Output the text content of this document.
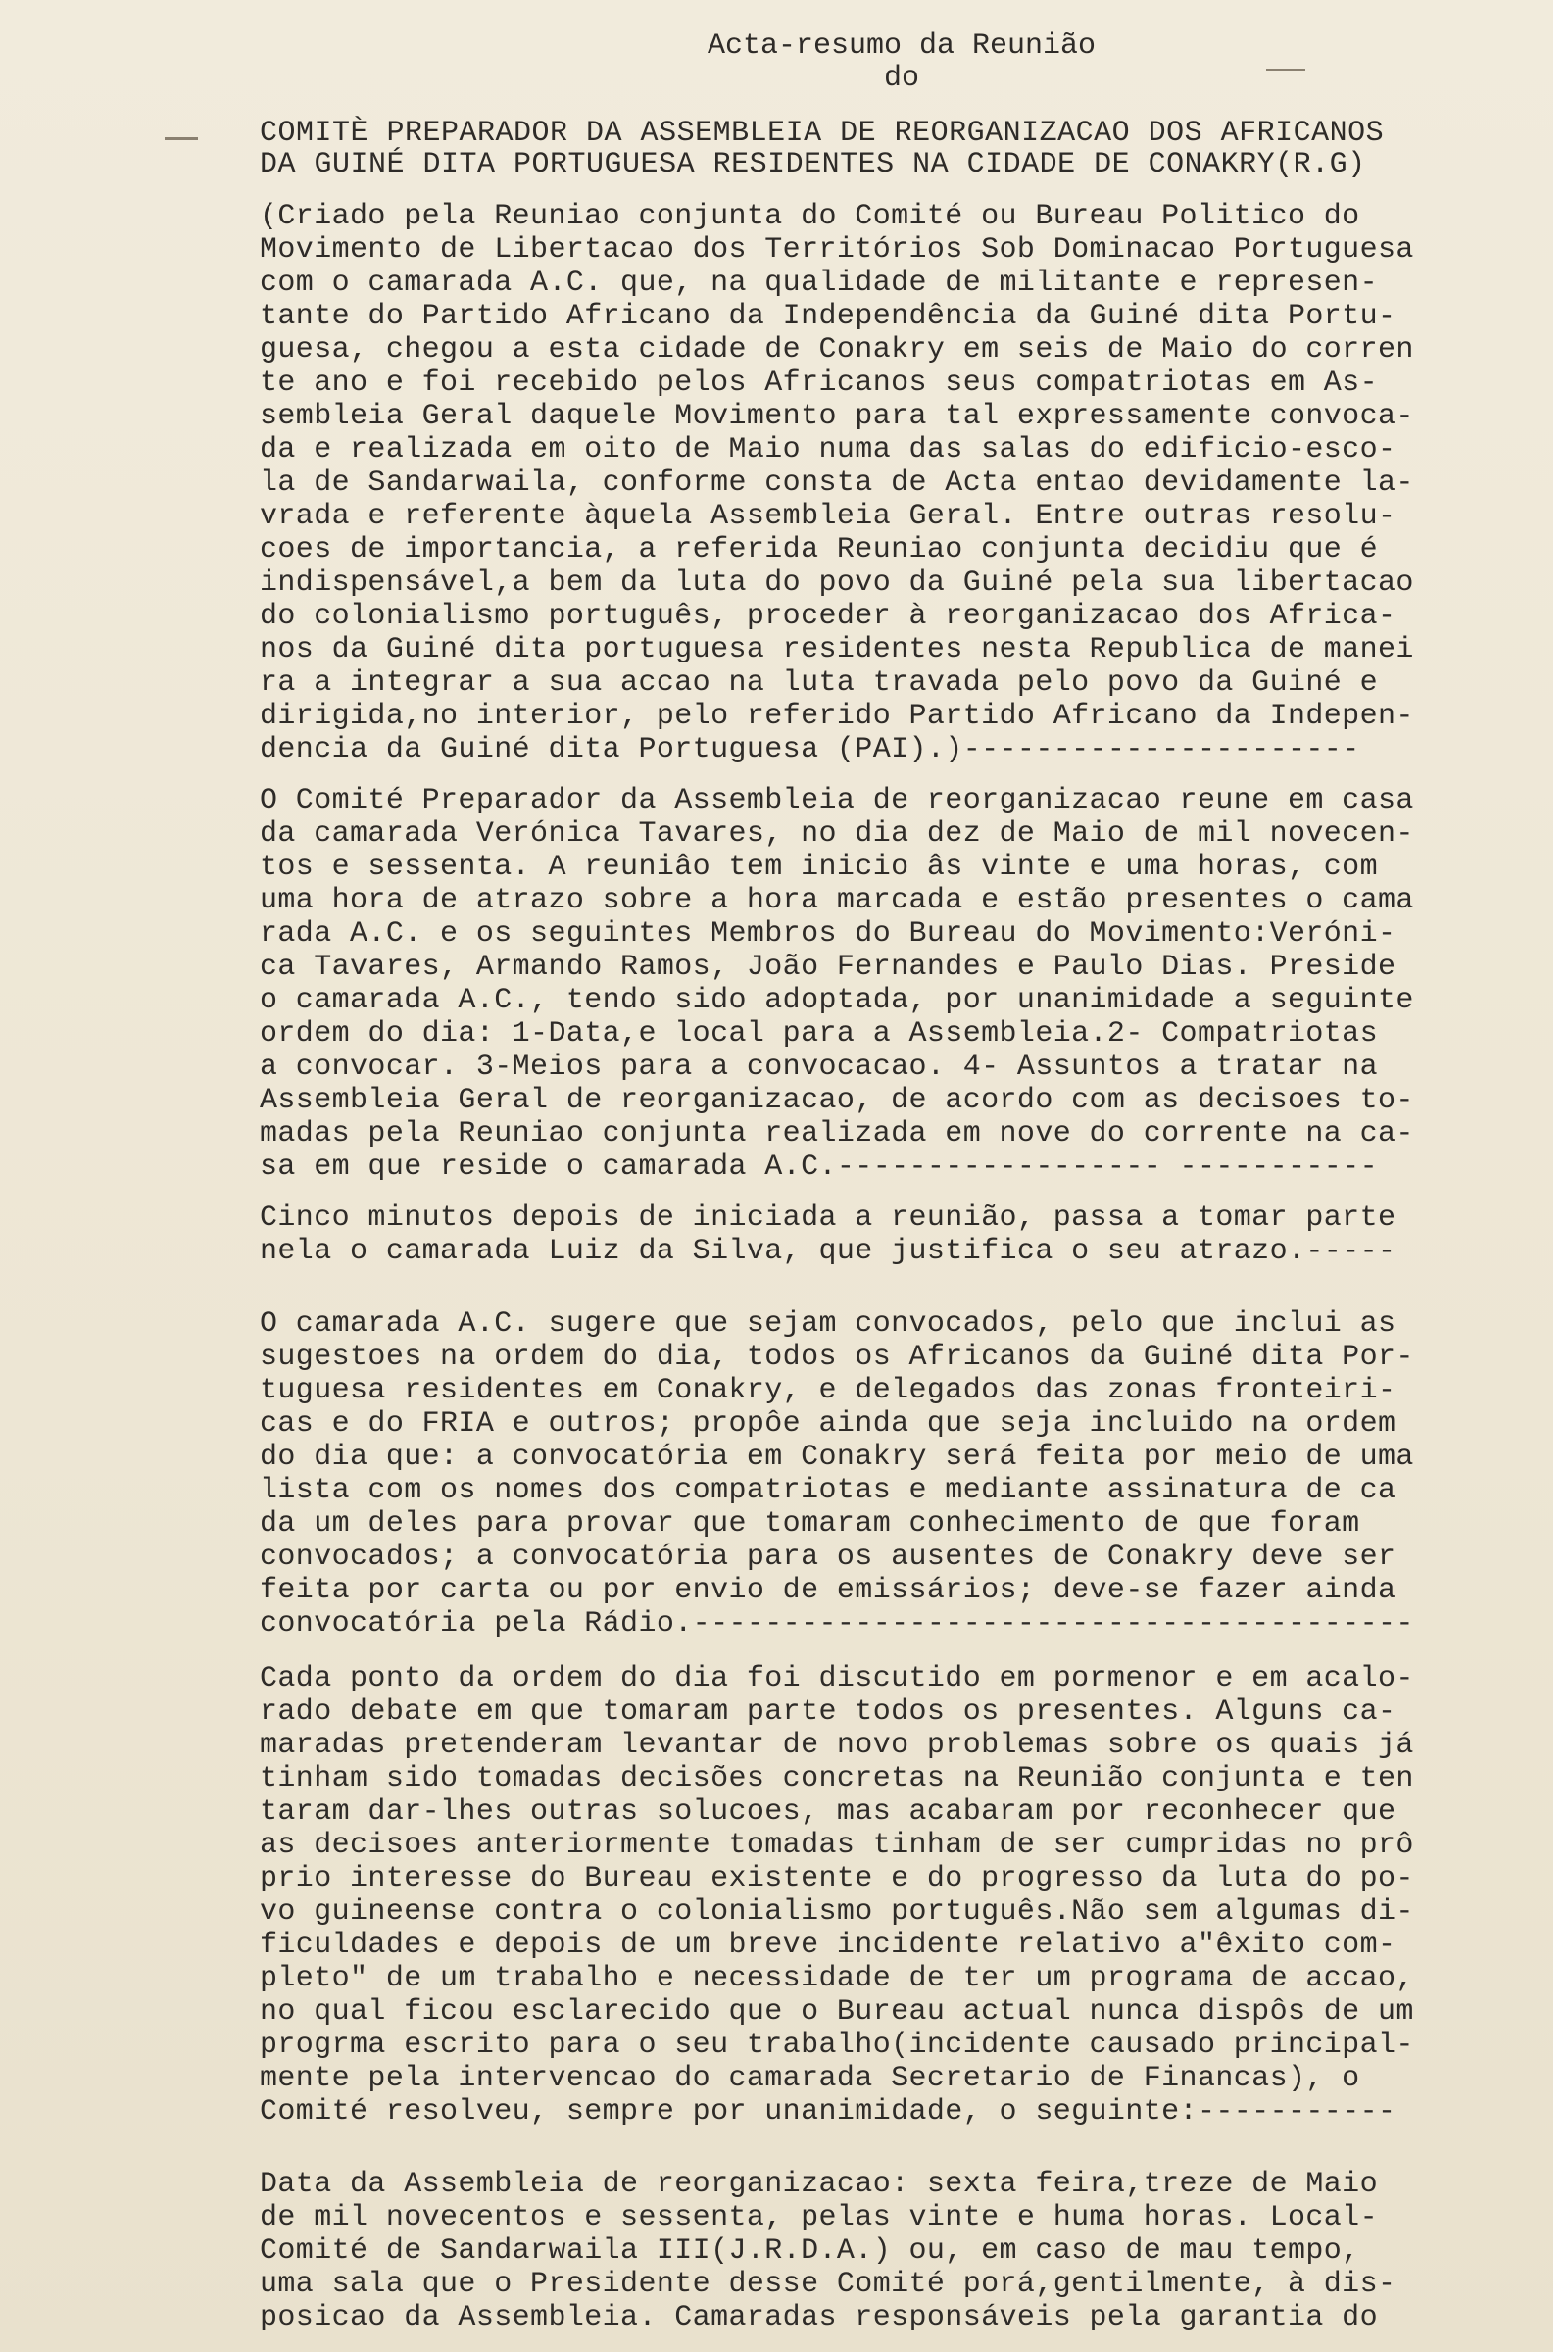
Acta-resumo da Reunião
do
COMITÈ PREPARADOR DA ASSEMBLEIA DE REORGANIZACAO DOS AFRICANOS
DA GUINÉ DITA PORTUGUESA RESIDENTES NA CIDADE DE CONAKRY(R.G)
(Criado pela Reuniao conjunta do Comité ou Bureau Politico do
Movimento de Libertacao dos Territórios Sob Dominacao Portuguesa
com o camarada A.C. que, na qualidade de militante e represen-
tante do Partido Africano da Independência da Guiné dita Portu-
guesa, chegou a esta cidade de Conakry em seis de Maio do corren
te ano e foi recebido pelos Africanos seus compatriotas em As-
sembleia Geral daquele Movimento para tal expressamente convoca-
da e realizada em oito de Maio numa das salas do edificio-esco-
la de Sandarwaila, conforme consta de Acta entao devidamente la-
vrada e referente àquela Assembleia Geral. Entre outras resolu-
coes de importancia, a referida Reuniao conjunta decidiu que é
indispensável,a bem da luta do povo da Guiné pela sua libertacao
do colonialismo português, proceder à reorganizacao dos Africa-
nos da Guiné dita portuguesa residentes nesta Republica de manei
ra a integrar a sua accao na luta travada pelo povo da Guiné e
dirigida,no interior, pelo referido Partido Africano da Indepen-
dencia da Guiné dita Portuguesa (PAI).)----------------------
O Comité Preparador da Assembleia de reorganizacao reune em casa
da camarada Verónica Tavares, no dia dez de Maio de mil novecen-
tos e sessenta. A reuniâo tem inicio âs vinte e uma horas, com
uma hora de atrazo sobre a hora marcada e estão presentes o cama
rada A.C. e os seguintes Membros do Bureau do Movimento:Veróni-
ca Tavares, Armando Ramos, João Fernandes e Paulo Dias. Preside
o camarada A.C., tendo sido adoptada, por unanimidade a seguinte
ordem do dia: 1-Data,e local para a Assembleia.2- Compatriotas
a convocar. 3-Meios para a convocacao. 4- Assuntos a tratar na
Assembleia Geral de reorganizacao, de acordo com as decisoes to-
madas pela Reuniao conjunta realizada em nove do corrente na ca-
sa em que reside o camarada A.C.------------------ -----------
Cinco minutos depois de iniciada a reunião, passa a tomar parte
nela o camarada Luiz da Silva, que justifica o seu atrazo.-----
O camarada A.C. sugere que sejam convocados, pelo que inclui as
sugestoes na ordem do dia, todos os Africanos da Guiné dita Por-
tuguesa residentes em Conakry, e delegados das zonas fronteiri-
cas e do FRIA e outros; propôe ainda que seja incluido na ordem
do dia que: a convocatória em Conakry será feita por meio de uma
lista com os nomes dos compatriotas e mediante assinatura de ca
da um deles para provar que tomaram conhecimento de que foram
convocados; a convocatória para os ausentes de Conakry deve ser
feita por carta ou por envio de emissários; deve-se fazer ainda
convocatória pela Rádio.----------------------------------------
Cada ponto da ordem do dia foi discutido em pormenor e em acalo-
rado debate em que tomaram parte todos os presentes. Alguns ca-
maradas pretenderam levantar de novo problemas sobre os quais já
tinham sido tomadas decisões concretas na Reunião conjunta e ten
taram dar-lhes outras solucoes, mas acabaram por reconhecer que
as decisoes anteriormente tomadas tinham de ser cumpridas no prô
prio interesse do Bureau existente e do progresso da luta do po-
vo guineense contra o colonialismo português.Não sem algumas di-
ficuldades e depois de um breve incidente relativo a"êxito com-
pleto" de um trabalho e necessidade de ter um programa de accao,
no qual ficou esclarecido que o Bureau actual nunca dispôs de um
progrma escrito para o seu trabalho(incidente causado principal-
mente pela intervencao do camarada Secretario de Financas), o
Comité resolveu, sempre por unanimidade, o seguinte:-----------
Data da Assembleia de reorganizacao: sexta feira,treze de Maio
de mil novecentos e sessenta, pelas vinte e huma horas. Local-
Comité de Sandarwaila III(J.R.D.A.) ou, em caso de mau tempo,
uma sala que o Presidente desse Comité porá,gentilmente, à dis-
posicao da Assembleia. Camaradas responsáveis pela garantia do
